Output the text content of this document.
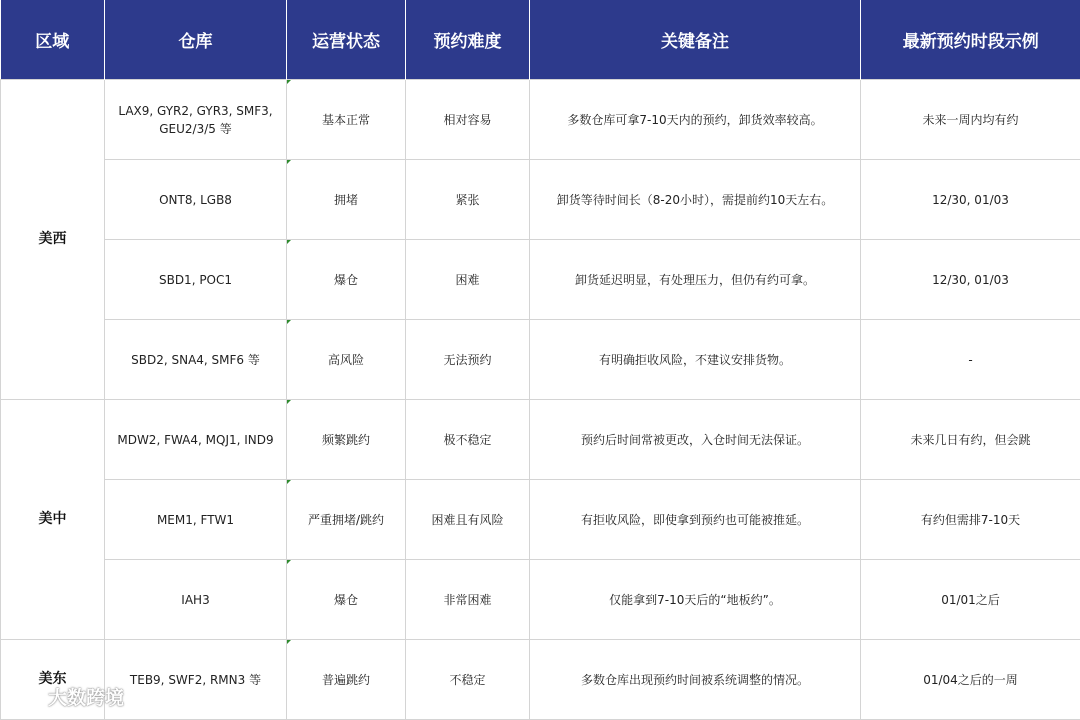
区域	仓库	运营状态	预约难度	关键备注	最新预约时段示例
美西	LAX9, GYR2, GYR3, SMF3, GEU2/3/5 等	基本正常	相对容易	多数仓库可拿7-10天内的预约，卸货效率较高。	未来一周内均有约
	ONT8, LGB8	拥堵	紧张	卸货等待时间长（8-20小时），需提前约10天左右。	12/30, 01/03
	SBD1, POC1	爆仓	困难	卸货延迟明显，有处理压力，但仍有约可拿。	12/30, 01/03
	SBD2, SNA4, SMF6 等	高风险	无法预约	有明确拒收风险，不建议安排货物。	-
美中	MDW2, FWA4, MQJ1, IND9	频繁跳约	极不稳定	预约后时间常被更改，入仓时间无法保证。	未来几日有约，但会跳
	MEM1, FTW1	严重拥堵/跳约	困难且有风险	有拒收风险，即使拿到预约也可能被推延。	有约但需排7-10天
	IAH3	爆仓	非常困难	仅能拿到7-10天后的“地板约”。	01/01之后
美东	TEB9, SWF2, RMN3 等	普遍跳约	不稳定	多数仓库出现预约时间被系统调整的情况。	01/04之后的一周
大数跨境
